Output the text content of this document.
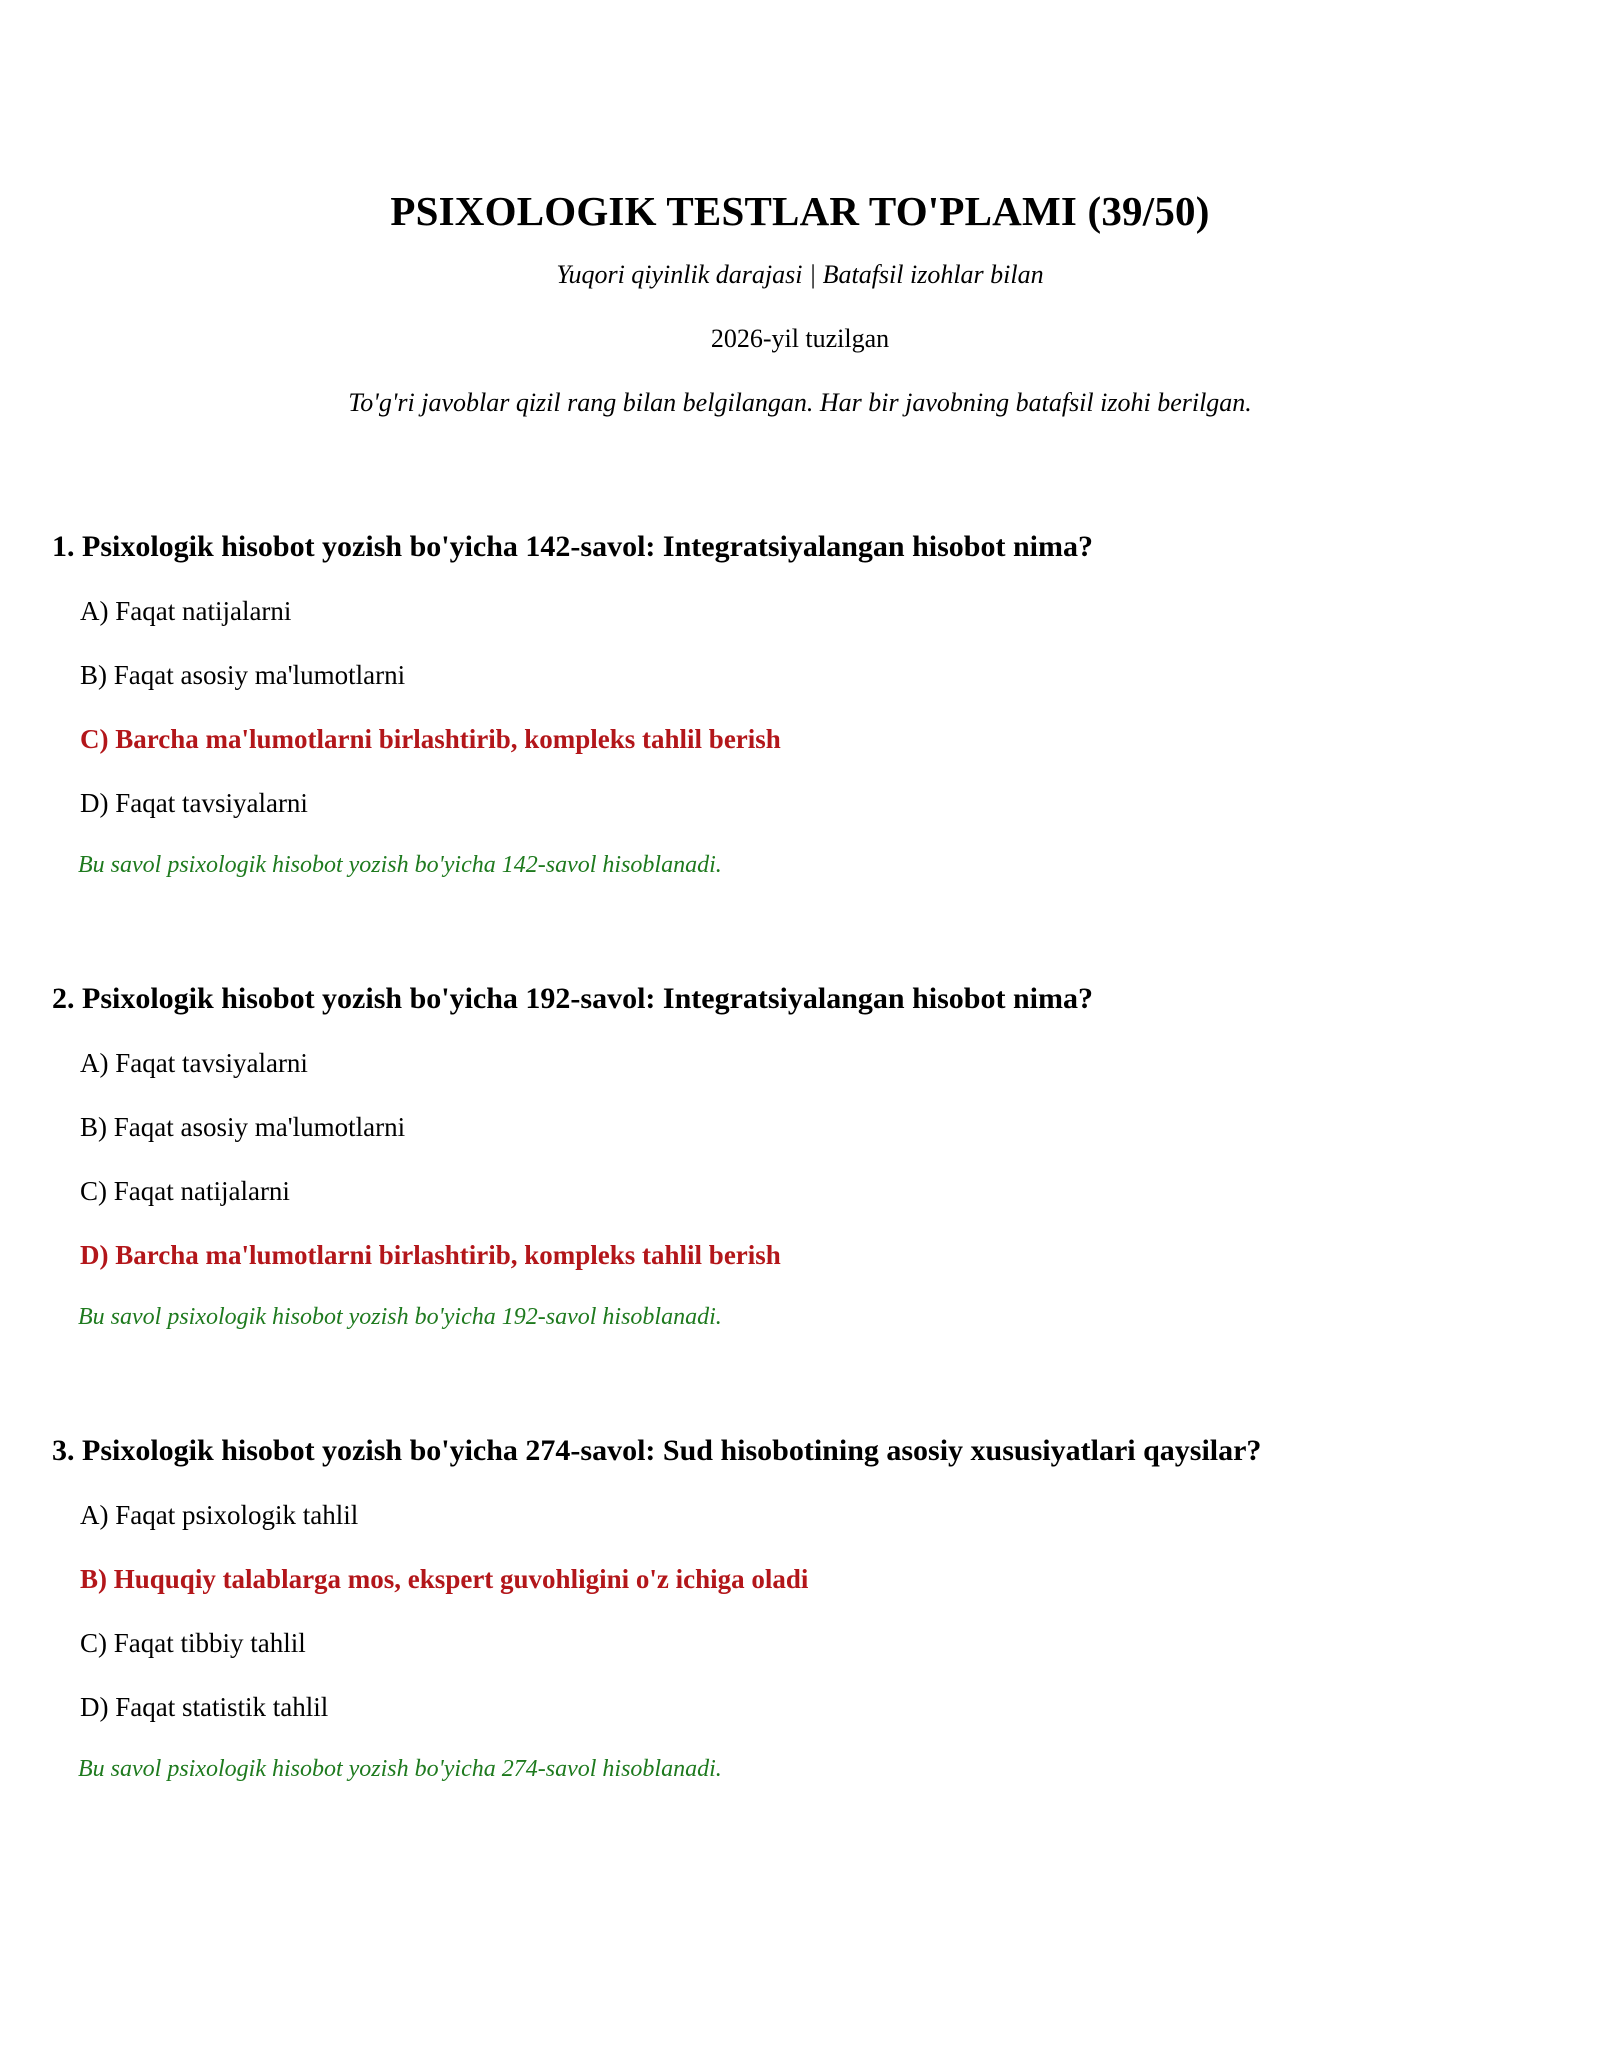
PSIXOLOGIK TESTLAR TO'PLAMI (39/50)
Yuqori qiyinlik darajasi | Batafsil izohlar bilan
2026-yil tuzilgan
To'g'ri javoblar qizil rang bilan belgilangan. Har bir javobning batafsil izohi berilgan.
1. Psixologik hisobot yozish bo'yicha 142-savol: Integratsiyalangan hisobot nima?
A) Faqat natijalarni
B) Faqat asosiy ma'lumotlarni
C) Barcha ma'lumotlarni birlashtirib, kompleks tahlil berish
D) Faqat tavsiyalarni
Bu savol psixologik hisobot yozish bo'yicha 142-savol hisoblanadi.
2. Psixologik hisobot yozish bo'yicha 192-savol: Integratsiyalangan hisobot nima?
A) Faqat tavsiyalarni
B) Faqat asosiy ma'lumotlarni
C) Faqat natijalarni
D) Barcha ma'lumotlarni birlashtirib, kompleks tahlil berish
Bu savol psixologik hisobot yozish bo'yicha 192-savol hisoblanadi.
3. Psixologik hisobot yozish bo'yicha 274-savol: Sud hisobotining asosiy xususiyatlari qaysilar?
A) Faqat psixologik tahlil
B) Huquqiy talablarga mos, ekspert guvohligini o'z ichiga oladi
C) Faqat tibbiy tahlil
D) Faqat statistik tahlil
Bu savol psixologik hisobot yozish bo'yicha 274-savol hisoblanadi.
